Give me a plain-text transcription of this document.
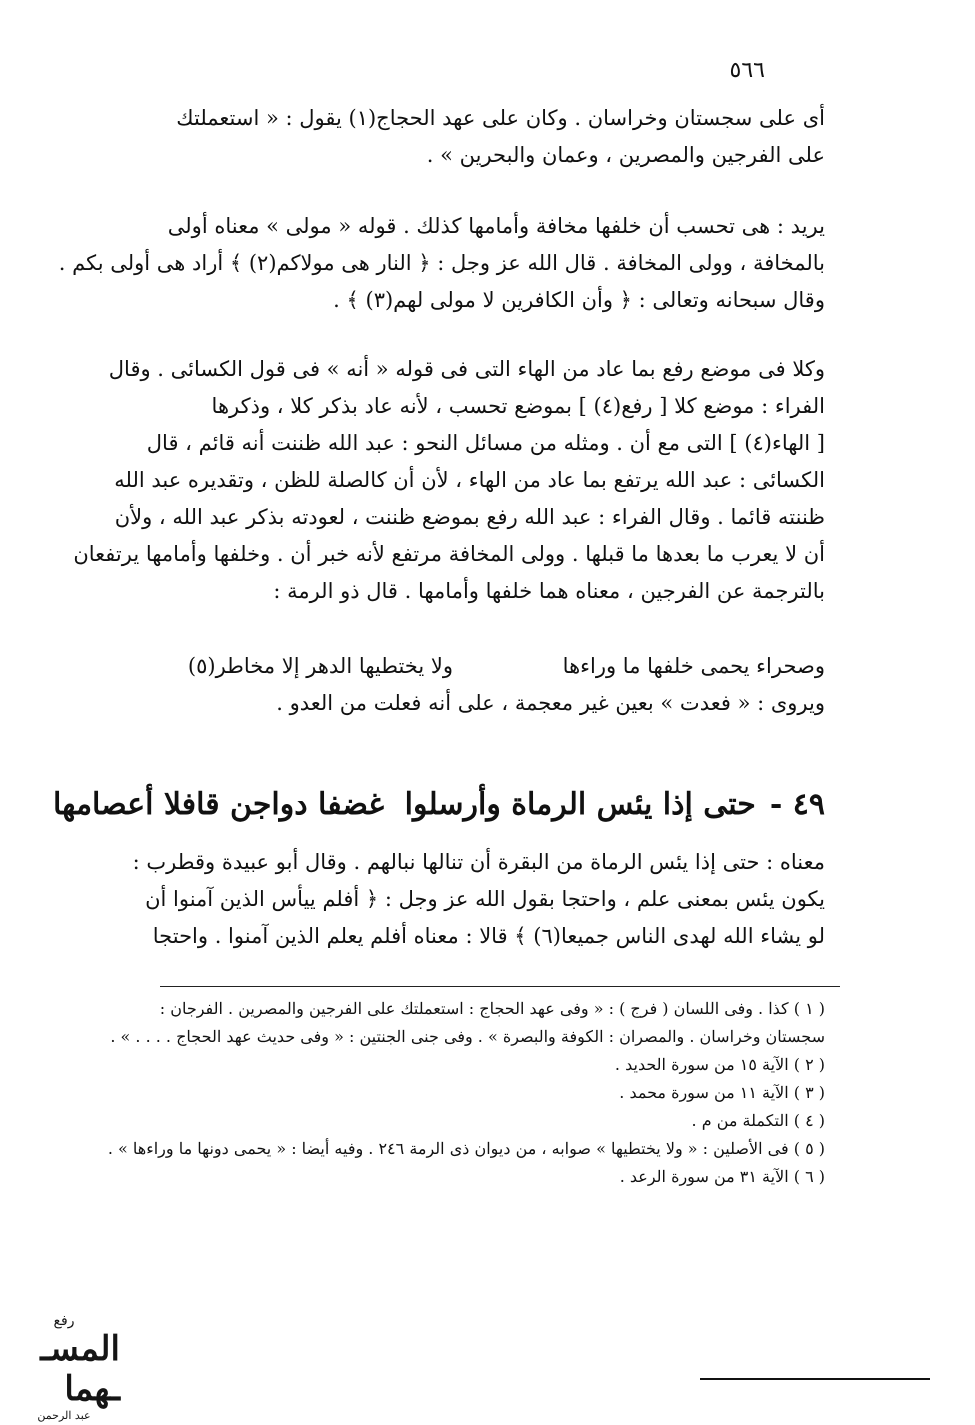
٥٦٦

أى على سجستان وخراسان . وكان على عهد الحجاج(١) يقول : « استعملتك

على الفرجين والمصرين ، وعمان والبحرين » .

يريد : هى تحسب أن خلفها مخافة وأمامها كذلك . قوله « مولى » معناه أولى

بالمخافة ، وولى المخافة . قال الله عز وجل : ﴿ النار هى مولاكم(٢) ﴾ أراد هى أولى بكم .

وقال سبحانه وتعالى : ﴿ وأن الكافرين لا مولى لهم(٣) ﴾ .

وكلا فى موضع رفع بما عاد من الهاء التى فى قوله « أنه » فى قول الكسائى . وقال

الفراء : موضع كلا [ رفع(٤) ] بموضع تحسب ، لأنه عاد بذكر كلا ، وذكرها

[ الهاء(٤) ] التى مع أن . ومثله من مسائل النحو : عبد الله ظننت أنه قائم ، قال

الكسائى : عبد الله يرتفع بما عاد من الهاء ، لأن أن كالصلة للظن ، وتقديره عبد الله

ظننته قائما . وقال الفراء : عبد الله رفع بموضع ظننت ، لعودته بذكر عبد الله ، ولأن

أن لا يعرب ما بعدها ما قبلها . وولى المخافة مرتفع لأنه خبر أن . وخلفها وأمامها يرتفعان

بالترجمة عن الفرجين ، معناه هما خلفها وأمامها . قال ذو الرمة :

وصحراء يحمى خلفها ما وراءها
ولا يختطيها الدهر إلا مخاطر(٥)
ويروى : « فعدت » بعين غير معجمة ، على أنه فعلت من العدو .
٤٩ -
حتى إذا يئس الرماة وأرسلوا
غضفا دواجن قافلا أعصامها

معناه : حتى إذا يئس الرماة من البقرة أن تنالها نبالهم . وقال أبو عبيدة وقطرب :

يكون يئس بمعنى علم ، واحتجا بقول الله عز وجل : ﴿ أفلم ييأس الذين آمنوا أن

لو يشاء الله لهدى الناس جميعا(٦) ﴾ قالا : معناه أفلم يعلم الذين آمنوا . واحتجا

( ١ ) كذا . وفى اللسان ( فرج ) : « وفى عهد الحجاج : استعملتك على الفرجين والمصرين . الفرجان :

سجستان وخراسان . والمصران : الكوفة والبصرة » . وفى جنى الجنتين : « وفى حديث عهد الحجاج . . . . » .

( ٢ ) الآية ١٥ من سورة الحديد .

( ٣ ) الآية ١١ من سورة محمد .

( ٤ ) التكملة من م .

( ٥ ) فى الأصلين : « ولا يختطيها » صوابه ، من ديوان ذى الرمة ٢٤٦ . وفيه أيضا : « يحمى دونها ما وراءها » .

( ٦ ) الآية ٣١ من سورة الرعد .

رفع
المسـ ـهما
عبد الرحمن
